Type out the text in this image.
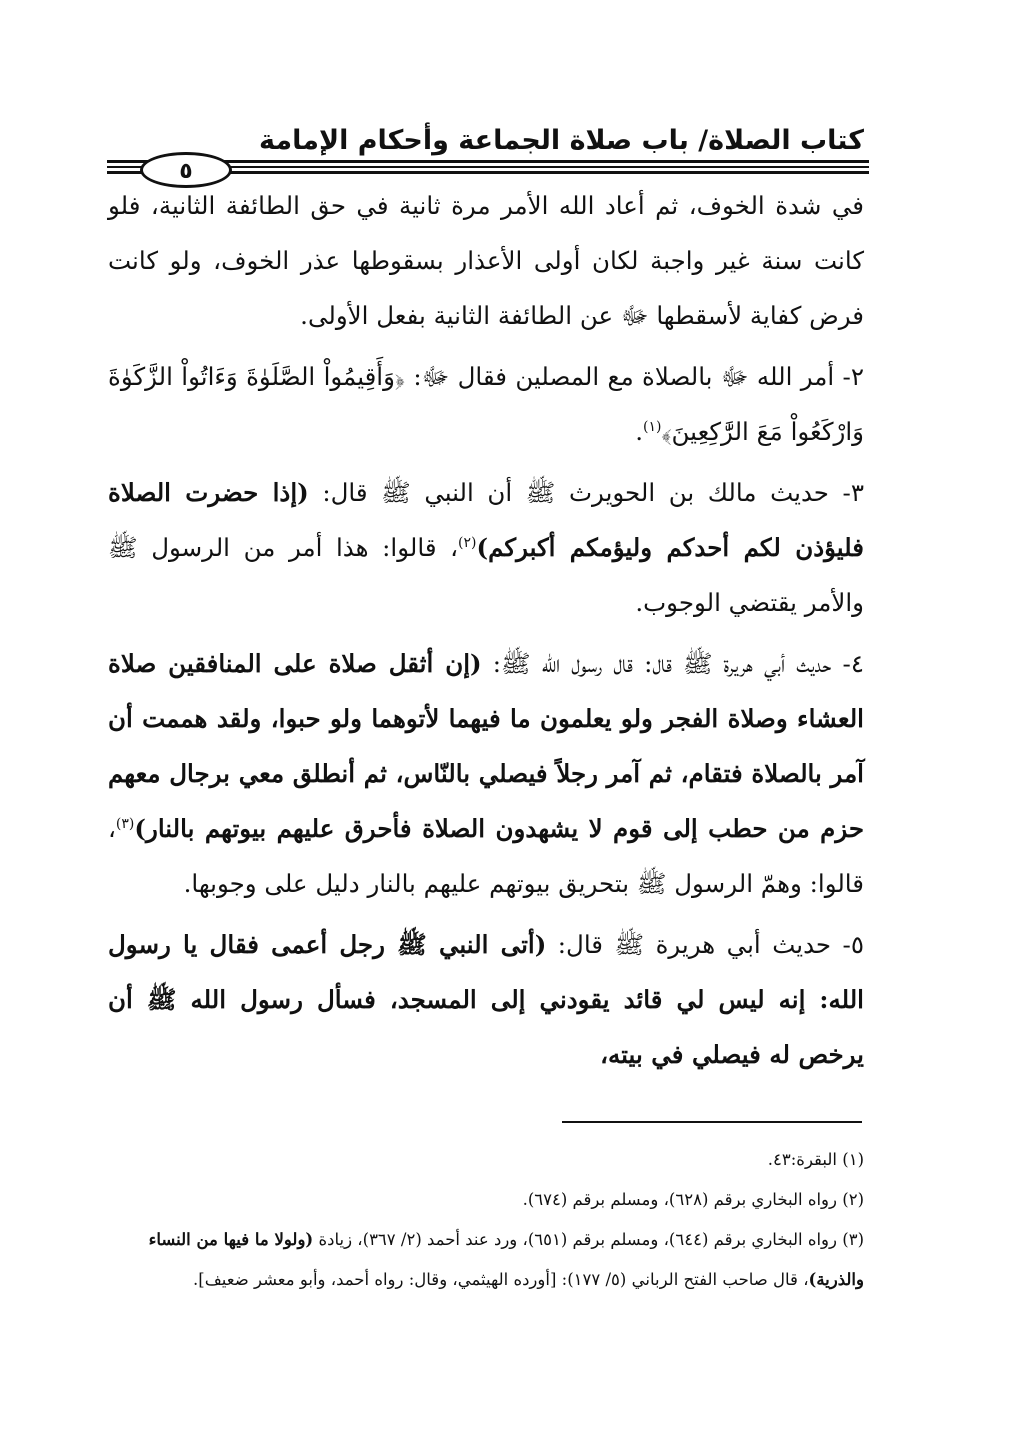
كتاب الصلاة/ باب صلاة الجماعة وأحكام الإمامة
٥

في شدة الخوف، ثم أعاد الله الأمر مرة ثانية في حق الطائفة الثانية، فلو كانت سنة غير واجبة لكان أولى الأعذار بسقوطها عذر الخوف، ولو كانت فرض كفاية لأسقطها ﷻ عن الطائفة الثانية بفعل الأولى.

٢- أمر الله ﷻ بالصلاة مع المصلين فقال ﷻ: ﴿وَأَقِيمُواْ الصَّلَوٰةَ وَءَاتُواْ الزَّكَوٰةَ وَارْكَعُواْ مَعَ الرَّٰكِعِينَ﴾$^{(١)}$.

٣- حديث مالك بن الحويرث ﷺ أن النبي ﷺ قال: (إذا حضرت الصلاة فليؤذن لكم أحدكم وليؤمكم أكبركم)$^{(٢)}$، قالوا: هذا أمر من الرسول ﷺ والأمر يقتضي الوجوب.

٤- حديث أبي هريرة ﷺ قال: قال رسول الله ﷺ: (إن أثقل صلاة على المنافقين صلاة العشاء وصلاة الفجر ولو يعلمون ما فيهما لأتوهما ولو حبوا، ولقد هممت أن آمر بالصلاة فتقام، ثم آمر رجلاً فيصلي بالنّاس، ثم أنطلق معي برجال معهم حزم من حطب إلى قوم لا يشهدون الصلاة فأحرق عليهم بيوتهم بالنار)$^{(٣)}$، قالوا: وهمّ الرسول ﷺ بتحريق بيوتهم عليهم بالنار دليل على وجوبها.

٥- حديث أبي هريرة ﷺ قال: (أتى النبي ﷺ رجل أعمى فقال يا رسول الله: إنه ليس لي قائد يقودني إلى المسجد، فسأل رسول الله ﷺ أن يرخص له فيصلي في بيته،

(١) البقرة:٤٣.

(٢) رواه البخاري برقم (٦٢٨)، ومسلم برقم (٦٧٤).

(٣) رواه البخاري برقم (٦٤٤)، ومسلم برقم (٦٥١)، ورد عند أحمد (٢/ ٣٦٧)، زيادة (ولولا ما فيها من النساء والذرية)، قال صاحب الفتح الرباني (٥/ ١٧٧): [أورده الهيثمي، وقال: رواه أحمد، وأبو معشر ضعيف].
